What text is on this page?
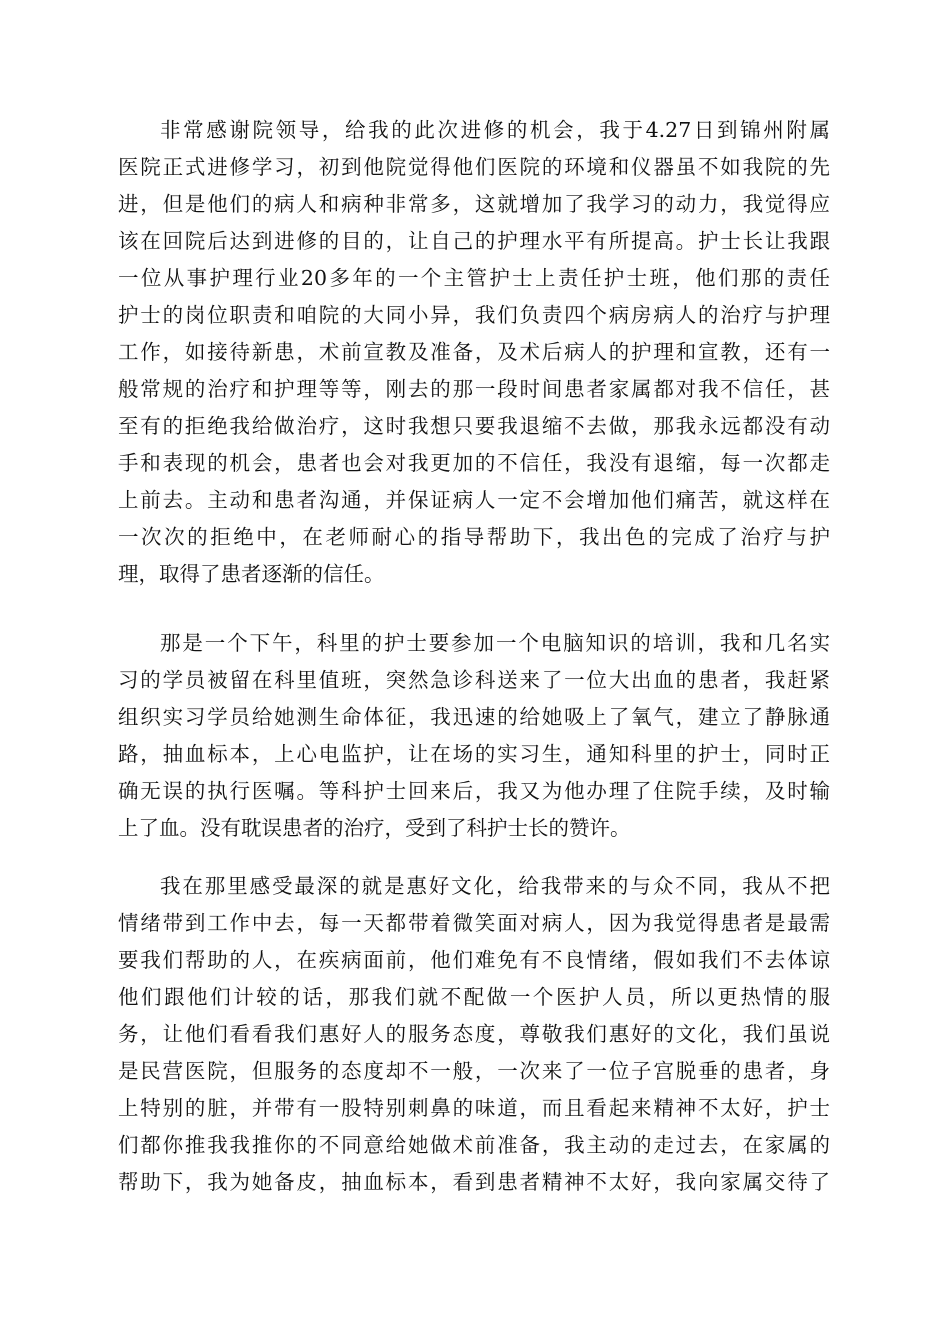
非常感谢院领导，给我的此次进修的机会，我于4.27日到锦州附属
医院正式进修学习，初到他院觉得他们医院的环境和仪器虽不如我院的先
进，但是他们的病人和病种非常多，这就增加了我学习的动力，我觉得应
该在回院后达到进修的目的，让自己的护理水平有所提高。护士长让我跟
一位从事护理行业20多年的一个主管护士上责任护士班，他们那的责任
护士的岗位职责和咱院的大同小异，我们负责四个病房病人的治疗与护理
工作，如接待新患，术前宣教及准备，及术后病人的护理和宣教，还有一
般常规的治疗和护理等等，刚去的那一段时间患者家属都对我不信任，甚
至有的拒绝我给做治疗，这时我想只要我退缩不去做，那我永远都没有动
手和表现的机会，患者也会对我更加的不信任，我没有退缩，每一次都走
上前去。主动和患者沟通，并保证病人一定不会增加他们痛苦，就这样在
一次次的拒绝中，在老师耐心的指导帮助下，我出色的完成了治疗与护
理，取得了患者逐渐的信任。
那是一个下午，科里的护士要参加一个电脑知识的培训，我和几名实
习的学员被留在科里值班，突然急诊科送来了一位大出血的患者，我赶紧
组织实习学员给她测生命体征，我迅速的给她吸上了氧气，建立了静脉通
路，抽血标本，上心电监护，让在场的实习生，通知科里的护士，同时正
确无误的执行医嘱。等科护士回来后，我又为他办理了住院手续，及时输
上了血。没有耽误患者的治疗，受到了科护士长的赞许。
我在那里感受最深的就是惠好文化，给我带来的与众不同，我从不把
情绪带到工作中去，每一天都带着微笑面对病人，因为我觉得患者是最需
要我们帮助的人，在疾病面前，他们难免有不良情绪，假如我们不去体谅
他们跟他们计较的话，那我们就不配做一个医护人员，所以更热情的服
务，让他们看看我们惠好人的服务态度，尊敬我们惠好的文化，我们虽说
是民营医院，但服务的态度却不一般，一次来了一位子宫脱垂的患者，身
上特别的脏，并带有一股特别刺鼻的味道，而且看起来精神不太好，护士
们都你推我我推你的不同意给她做术前准备，我主动的走过去，在家属的
帮助下，我为她备皮，抽血标本，看到患者精神不太好，我向家属交待了
